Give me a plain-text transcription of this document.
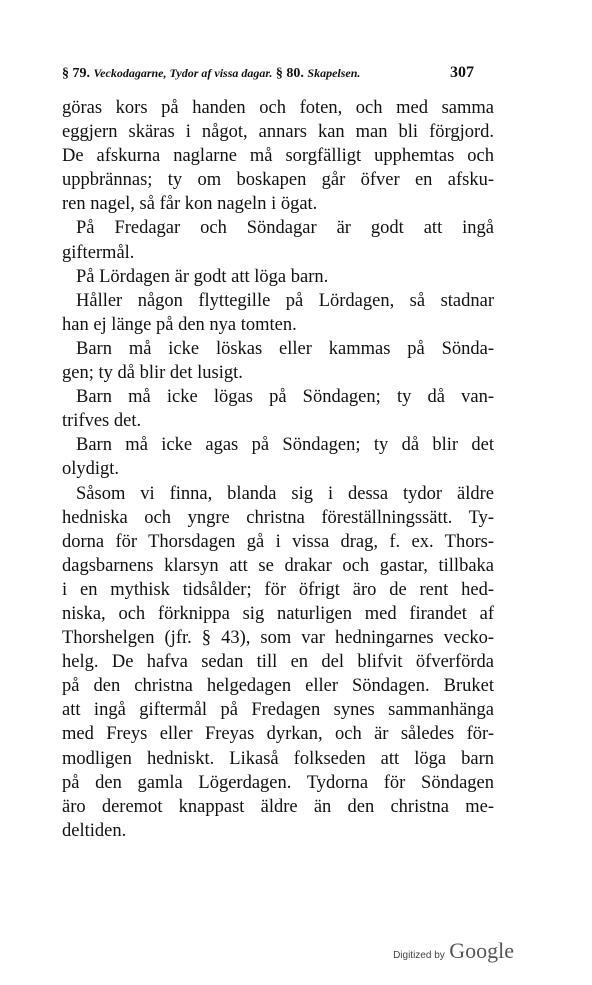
§ 79. Veckodagarne, Tydor af vissa dagar. § 80. Skapelsen.	307
göras kors på handen och foten, och med samma
eggjern skäras i något, annars kan man bli förgjord.
De afskurna naglarne må sorgfälligt upphemtas och
uppbrännas; ty om boskapen går öfver en afsku-
ren nagel, så får kon nageln i ögat.
På Fredagar och Söndagar är godt att ingå
giftermål.
På Lördagen är godt att löga barn.
Håller någon flyttegille på Lördagen, så stadnar
han ej länge på den nya tomten.
Barn må icke löskas eller kammas på Sönda-
gen; ty då blir det lusigt.
Barn må icke lögas på Söndagen; ty då van-
trifves det.
Barn må icke agas på Söndagen; ty då blir det
olydigt.
Såsom vi finna, blanda sig i dessa tydor äldre
hedniska och yngre christna föreställningssätt. Ty-
dorna för Thorsdagen gå i vissa drag, f. ex. Thors-
dagsbarnens klarsyn att se drakar och gastar, tillbaka
i en mythisk tidsålder; för öfrigt äro de rent hed-
niska, och förknippa sig naturligen med firandet af
Thorshelgen (jfr. § 43), som var hedningarnes vecko-
helg. De hafva sedan till en del blifvit öfverförda
på den christna helgedagen eller Söndagen. Bruket
att ingå giftermål på Fredagen synes sammanhänga
med Freys eller Freyas dyrkan, och är således för-
modligen hedniskt. Likaså folkseden att löga barn
på den gamla Lögerdagen. Tydorna för Söndagen
äro deremot knappast äldre än den christna me-
deltiden.
Digitized by Google
